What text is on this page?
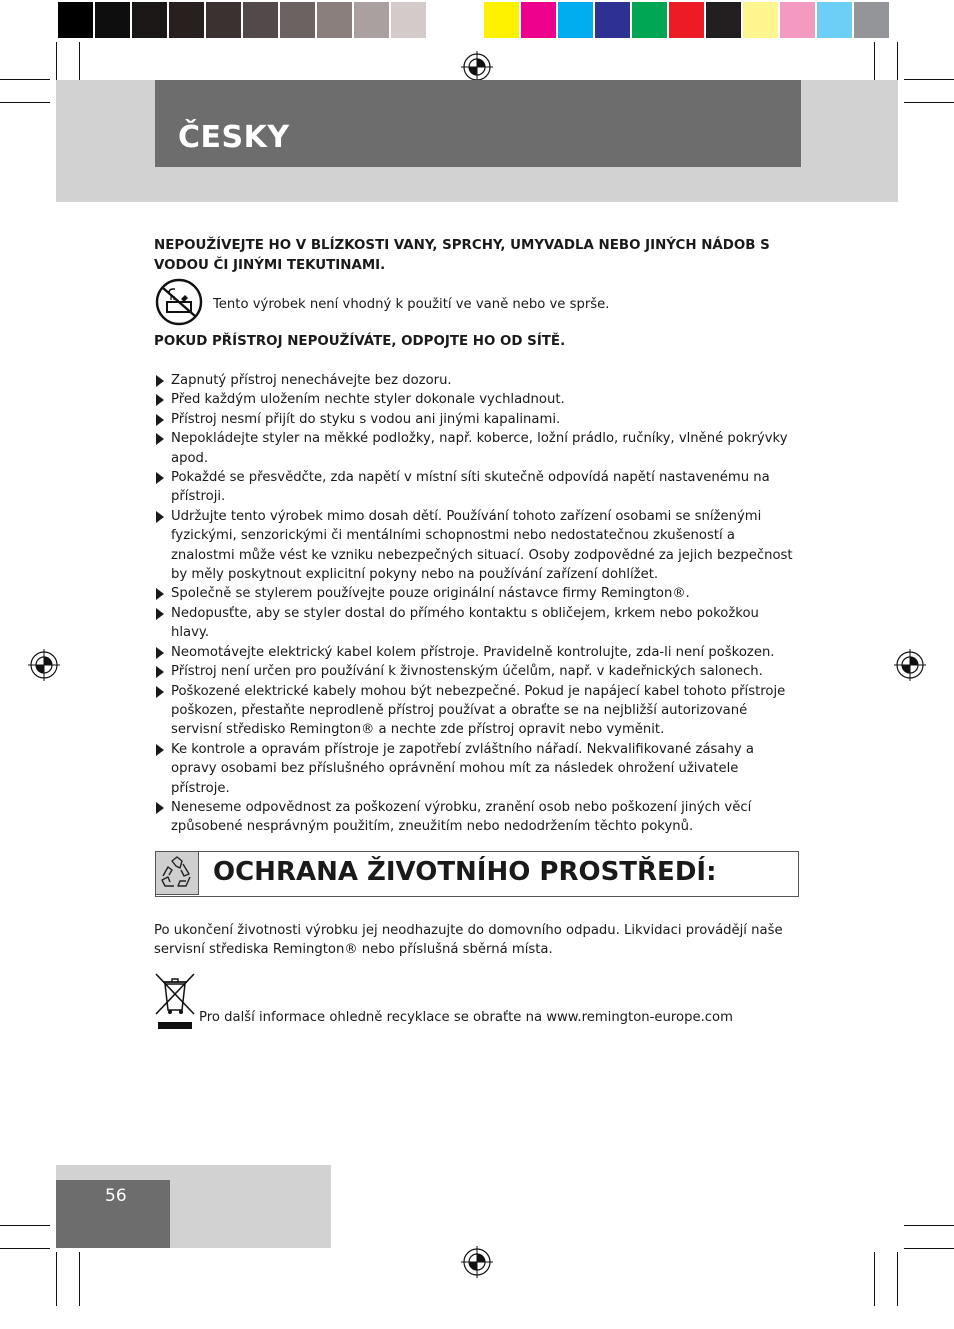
ČESKY
NEPOUŽÍVEJTE HO V BLÍZKOSTI VANY, SPRCHY, UMYVADLA NEBO JINÝCH NÁDOB S VODOU ČI JINÝMI TEKUTINAMI.
Tento výrobek není vhodný k použití ve vaně nebo ve sprše.
POKUD PŘÍSTROJ NEPOUŽÍVÁTE, ODPOJTE HO OD SÍTĚ.
Zapnutý přístroj nenechávejte bez dozoru.
Před každým uložením nechte styler dokonale vychladnout.
Přístroj nesmí přijít do styku s vodou ani jinými kapalinami.
Nepokládejte styler na měkké podložky, např. koberce, ložní prádlo, ručníky, vlněné pokrývky apod.
Pokaždé se přesvědčte, zda napětí v místní síti skutečně odpovídá napětí nastavenému na přístroji.
Udržujte tento výrobek mimo dosah dětí. Používání tohoto zařízení osobami se sníženými fyzickými, senzorickými či mentálními schopnostmi nebo nedostatečnou zkušeností a znalostmi může vést ke vzniku nebezpečných situací. Osoby zodpovědné za jejich bezpečnost by měly poskytnout explicitní pokyny nebo na používání zařízení dohlížet.
Společně se stylerem používejte pouze originální nástavce firmy Remington®.
Nedopusťte, aby se styler dostal do přímého kontaktu s obličejem, krkem nebo pokožkou hlavy.
Neomotávejte elektrický kabel kolem přístroje. Pravidelně kontrolujte, zda-li není poškozen.
Přístroj není určen pro používání k živnostenským účelům, např. v kadeřnických salonech.
Poškozené elektrické kabely mohou být nebezpečné. Pokud je napájecí kabel tohoto přístroje poškozen, přestaňte neprodleně přístroj používat a obraťte se na nejbližší autorizované servisní středisko Remington® a nechte zde přístroj opravit nebo vyměnit.
Ke kontrole a opravám přístroje je zapotřebí zvláštního nářadí. Nekvalifikované zásahy a opravy osobami bez příslušného oprávnění mohou mít za následek ohrožení uživatele přístroje.
Neneseme odpovědnost za poškození výrobku, zranění osob nebo poškození jiných věcí způsobené nesprávným použitím, zneužitím nebo nedodržením těchto pokynů.
OCHRANA ŽIVOTNÍHO PROSTŘEDÍ:
Po ukončení životnosti výrobku jej neodhazujte do domovního odpadu. Likvidaci provádějí naše servisní střediska Remington® nebo příslušná sběrná místa.
Pro další informace ohledně recyklace se obraťte na www.remington-europe.com
56
